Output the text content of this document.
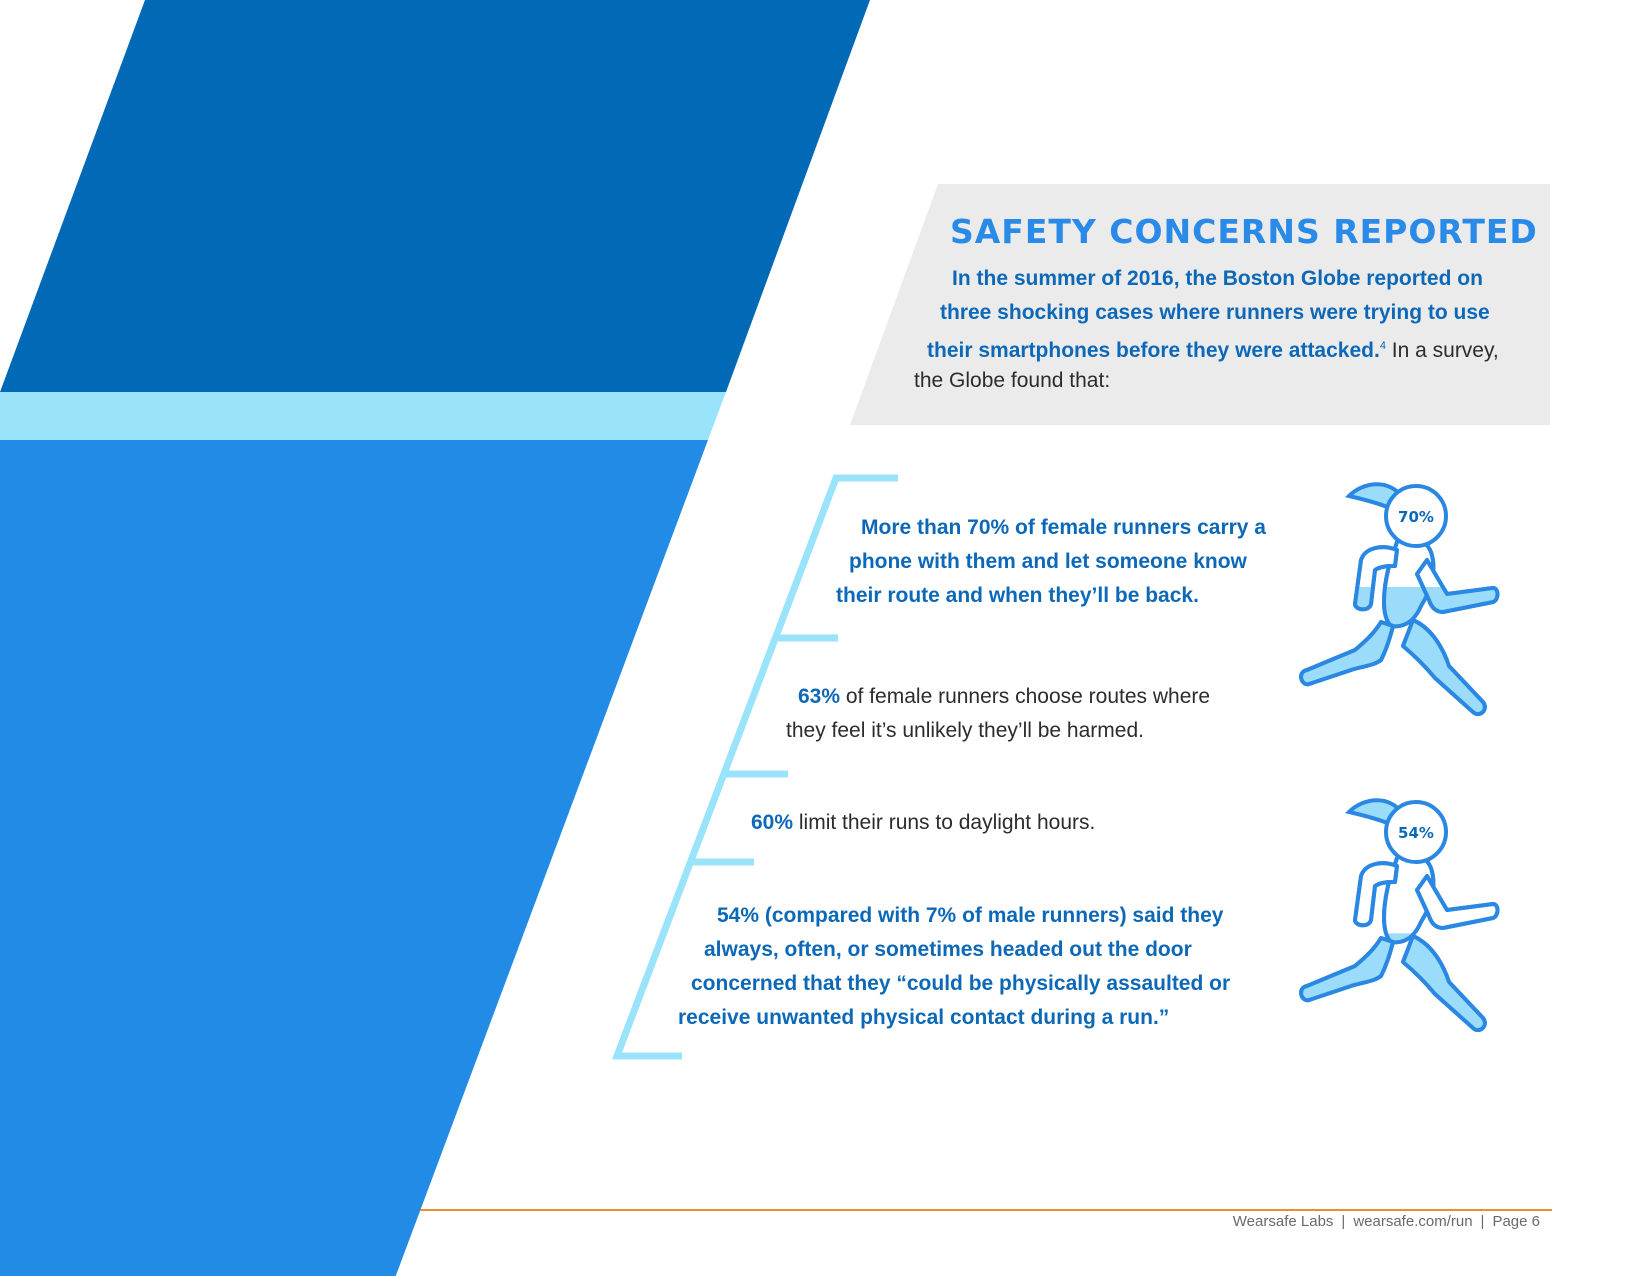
SAFETY CONCERNS REPORTED
In the summer of 2016, the Boston Globe reported on
three shocking cases where runners were trying to use
their smartphones before they were attacked.$^4$ In a survey,
the Globe found that:
More than 70% of female runners carry a
phone with them and let someone know
their route and when they’ll be back.
63% of female runners choose routes where
they feel it’s unlikely they’ll be harmed.
60% limit their runs to daylight hours.
54% (compared with 7% of male runners) said they
always, often, or sometimes headed out the door
concerned that they “could be physically assaulted or
receive unwanted physical contact during a run.”
70%
54%
Wearsafe Labs | wearsafe.com/run | Page 6
